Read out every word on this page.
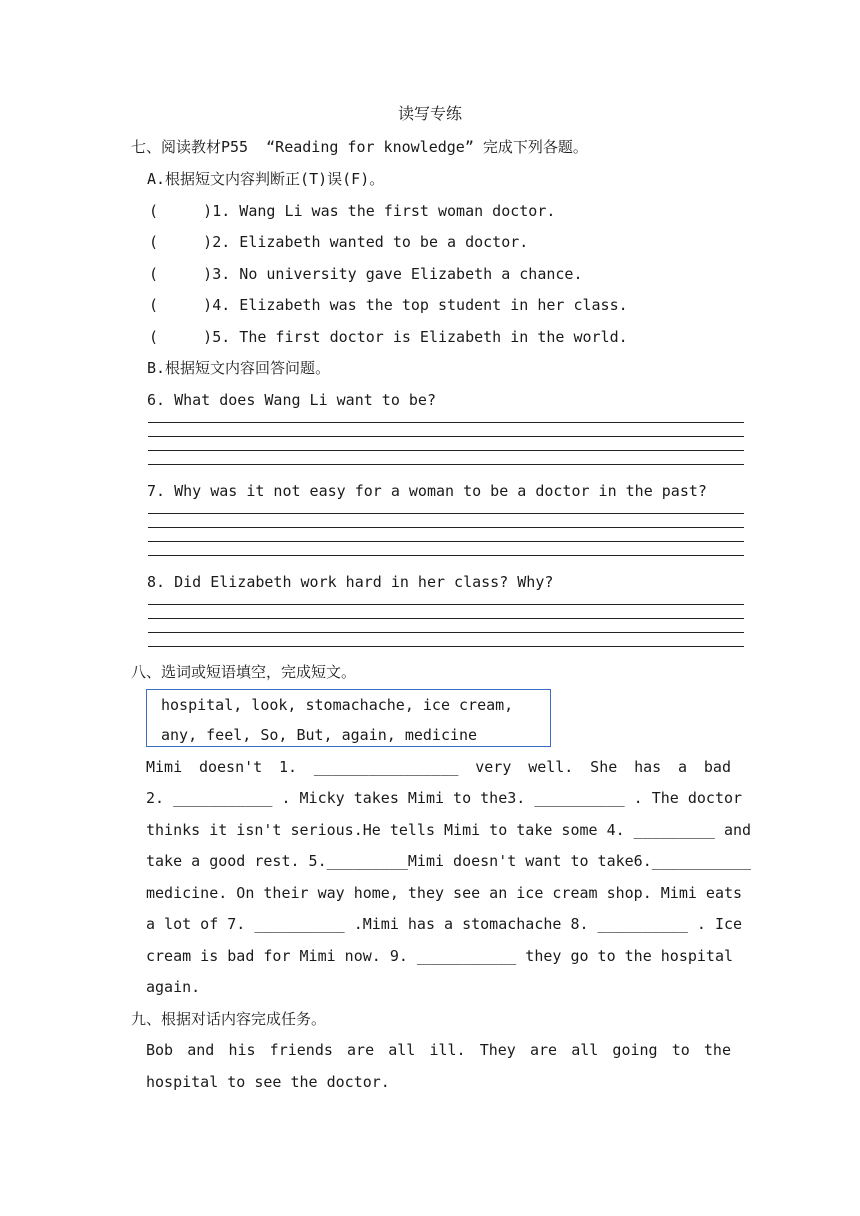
读写专练
七、阅读教材P55  “Reading for knowledge” 完成下列各题。
A.根据短文内容判断正(T)误(F)。
(     )1. Wang Li was the first woman doctor.
(     )2. Elizabeth wanted to be a doctor.
(     )3. No university gave Elizabeth a chance.
(     )4. Elizabeth was the top student in her class.
(     )5. The first doctor is Elizabeth in the world.
B.根据短文内容回答问题。
6. What does Wang Li want to be?
7. Why was it not easy for a woman to be a doctor in the past?
8. Did Elizabeth work hard in her class? Why?
八、选词或短语填空，完成短文。
hospital, look, stomachache, ice cream,
any, feel, So, But, again, medicine
Mimi doesn't 1. ________________ very well. She has a bad
2. ___________ . Micky takes Mimi to the3. __________ . The doctor
thinks it isn't serious.He tells Mimi to take some 4. _________ and
take a good rest. 5._________Mimi doesn't want to take6.___________
medicine. On their way home, they see an ice cream shop. Mimi eats
a lot of 7. __________ .Mimi has a stomachache 8. __________ . Ice
cream is bad for Mimi now. 9. ___________ they go to the hospital
again.
九、根据对话内容完成任务。
Bob and his friends are all ill. They are all going to the
hospital to see the doctor.
